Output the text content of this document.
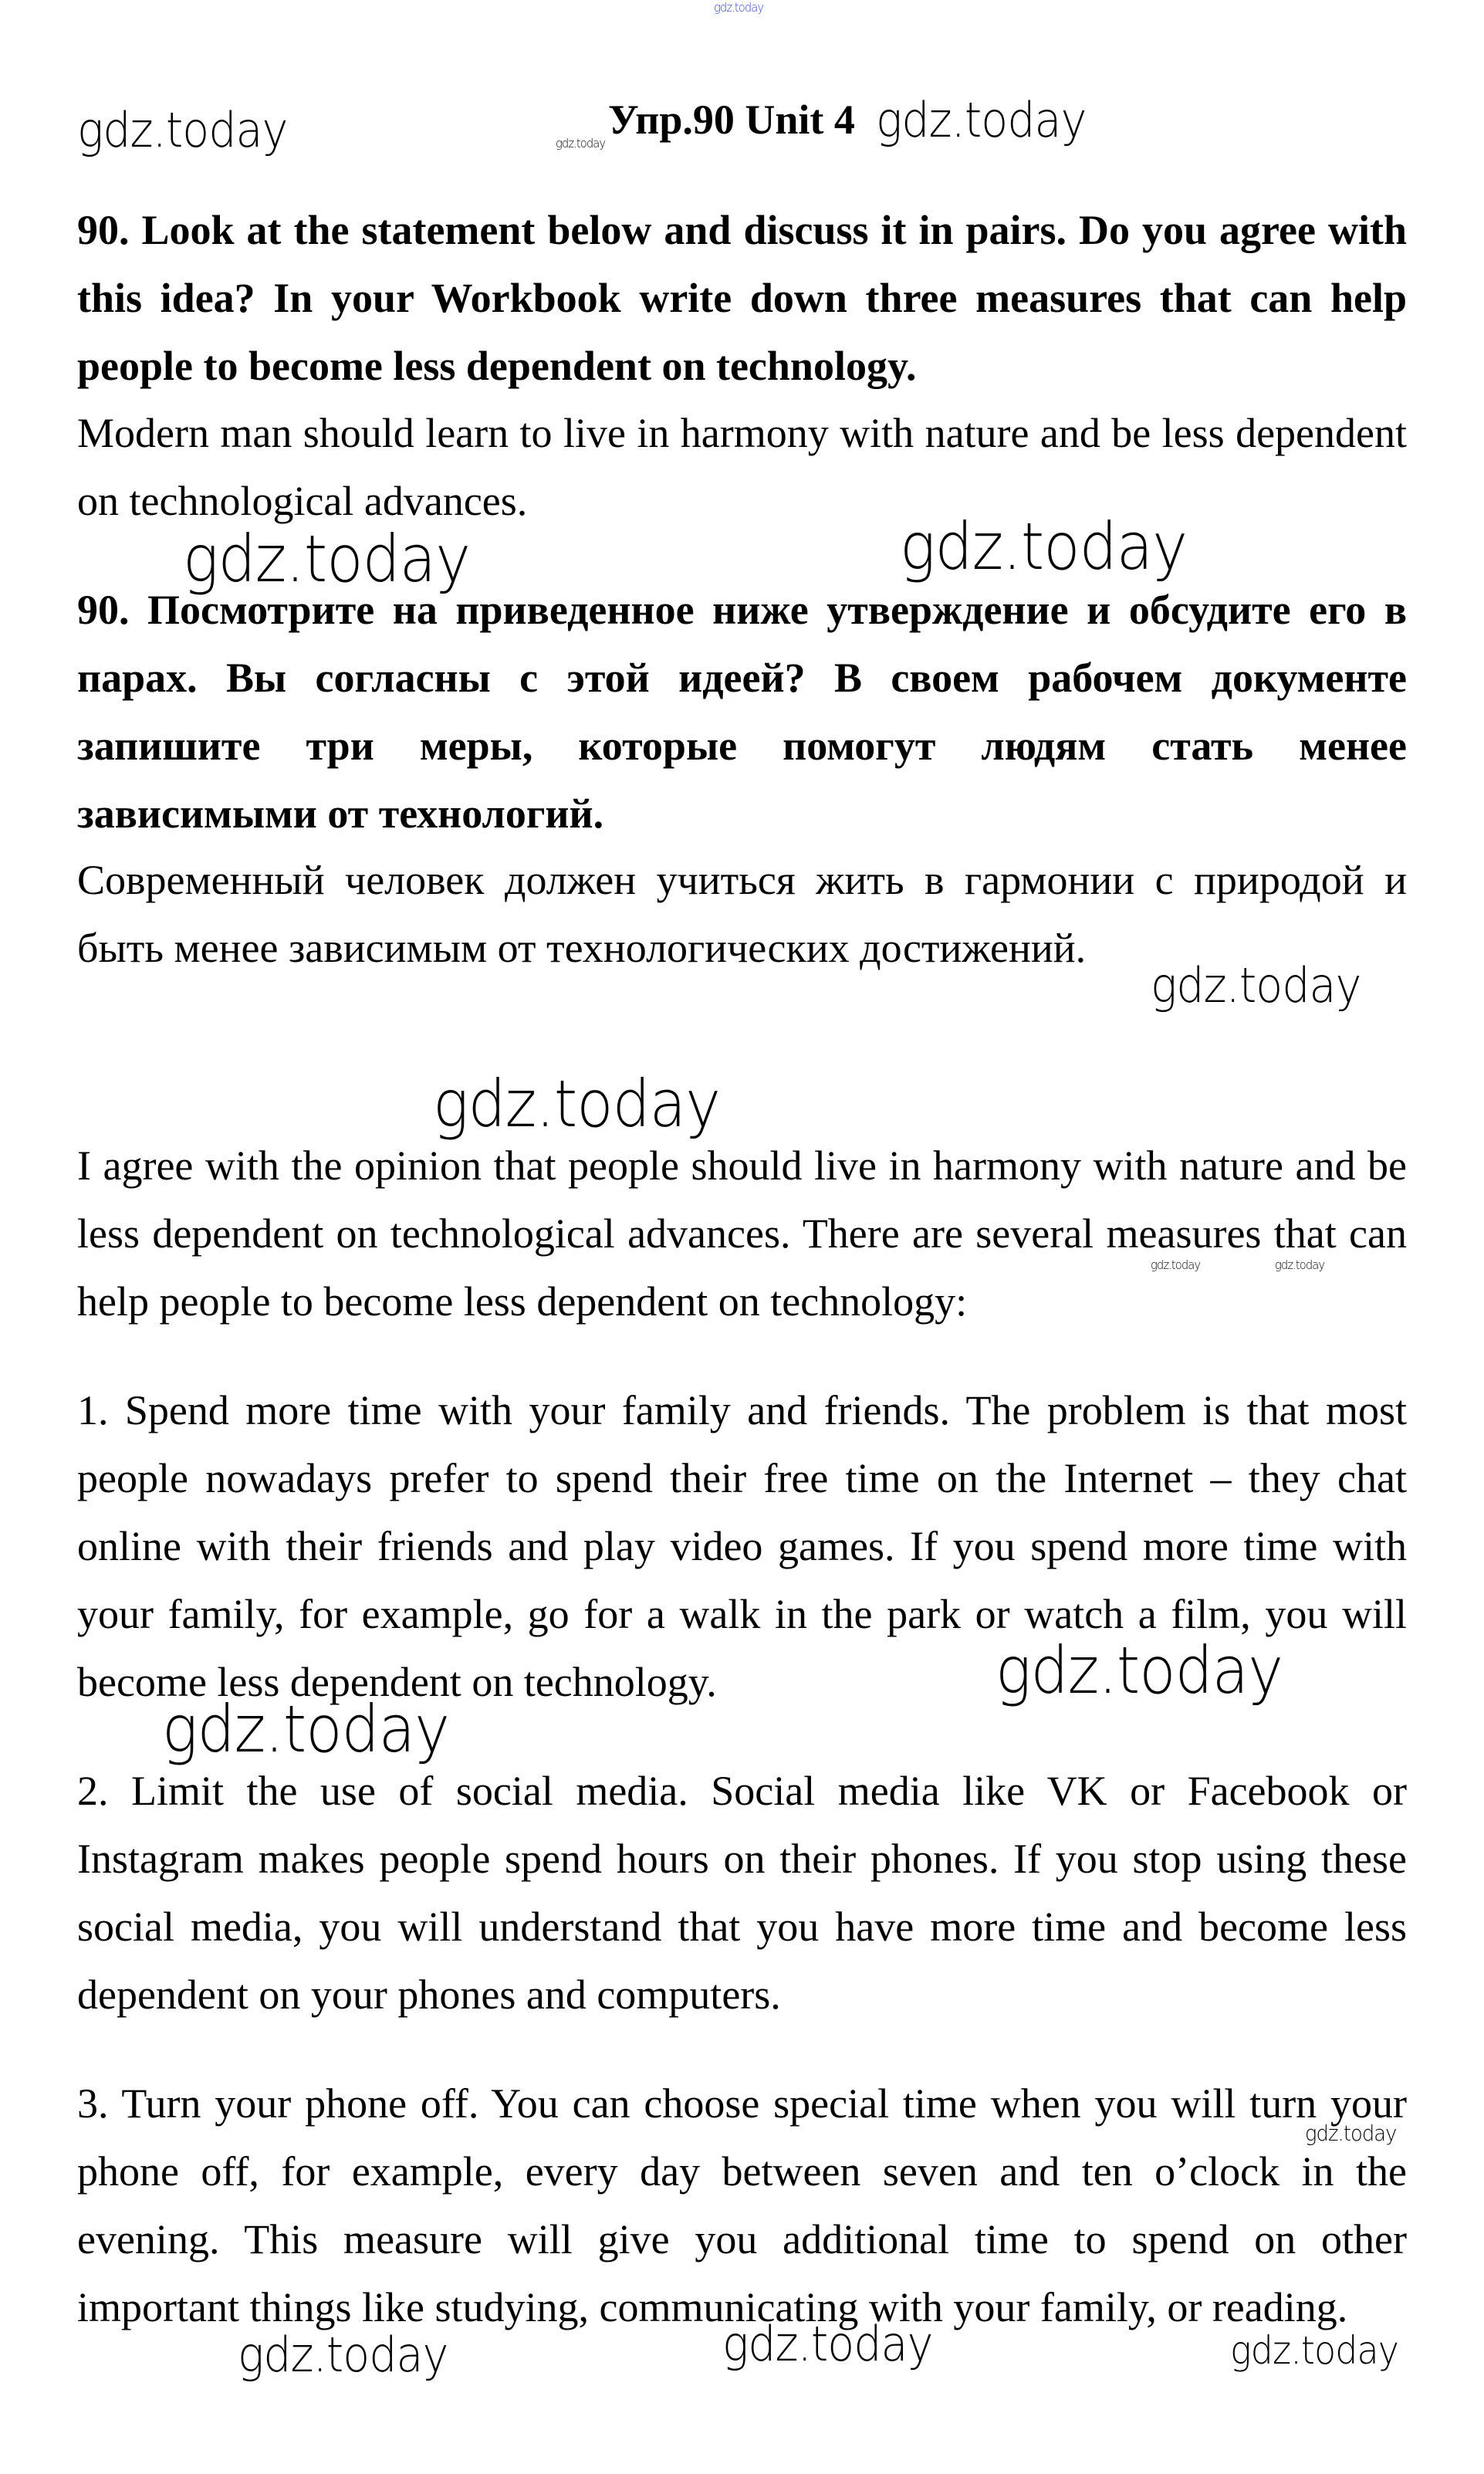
Упр.90 Unit 4

90. Look at the statement below and discuss it in pairs. Do you agree with this idea? In your Workbook write down three measures that can help people to become less dependent on technology.

Modern man should learn to live in harmony with nature and be less dependent on technological advances.

90. Посмотрите на приведенное ниже утверждение и обсудите его в парах. Вы согласны с этой идеей? В своем рабочем документе запишите три меры, которые помогут людям стать менее зависимыми от технологий.

Современный человек должен учиться жить в гармонии с природой и быть менее зависимым от технологических достижений.

I agree with the opinion that people should live in harmony with nature and be less dependent on technological advances. There are several measures that can help people to become less dependent on technology:

1. Spend more time with your family and friends. The problem is that most people nowadays prefer to spend their free time on the Internet – they chat online with their friends and play video games. If you spend more time with your family, for example, go for a walk in the park or watch a film, you will become less dependent on technology.

2. Limit the use of social media. Social media like VK or Facebook or Instagram makes people spend hours on their phones. If you stop using these social media, you will understand that you have more time and become less dependent on your phones and computers.

3. Turn your phone off. You can choose special time when you will turn your phone off, for example, every day between seven and ten o’clock in the evening. This measure will give you additional time to spend on other important things like studying, communicating with your family, or reading.

gdz.today
gdz.today	gdz.today	gdz.today
gdz.today	gdz.today
gdz.today
gdz.today
gdz.today	gdz.today
gdz.today
gdz.today
gdz.today
gdz.today	gdz.today	gdz.today
